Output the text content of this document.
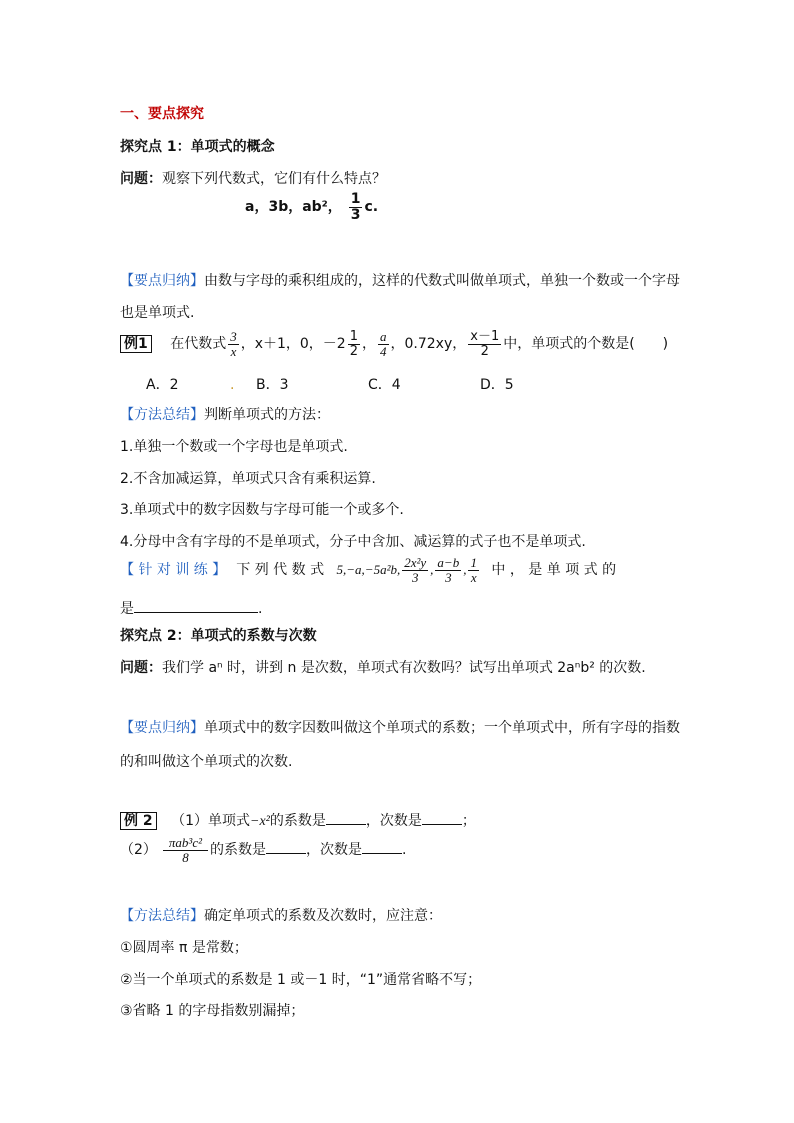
一、要点探究
探究点 1：单项式的概念
问题：观察下列代数式，它们有什么特点？
a，3b，ab²， $\frac{1}{3} c$.
【要点归纳】由数与字母的乘积组成的，这样的代数式叫做单项式，单独一个数或一个字母
也是单项式.
例1 在代数式 $\frac{3}{x}$ ，x＋1，0，$-2 \frac{1}{2}$ ， $\frac{a}{4}$ ，0.72xy， $\frac{x-1}{2}$ 中，单项式的个数是(　　)
A．2	. B．3	C．4	D．5
【方法总结】判断单项式的方法：
1.单独一个数或一个字母也是单项式.
2.不含加减运算，单项式只含有乘积运算.
3.单项式中的数字因数与字母可能一个或多个.
4.分母中含有字母的不是单项式，分子中含加、减运算的式子也不是单项式.
【 针 对 训 练 】 下 列 代 数 式 5,−a,−5a²b, $\frac{\text{2x²y}}{3}$ , $\frac{a-b}{3}$ , $\frac{1}{x}$ 中 ， 是 单 项 式 的
是	.
探究点 2：单项式的系数与次数
问题：我们学 aⁿ 时，讲到 n 是次数，单项式有次数吗？试写出单项式 2aⁿb² 的次数.
【要点归纳】单项式中的数字因数叫做这个单项式的系数；一个单项式中，所有字母的指数
的和叫做这个单项式的次数.
例 2 （1）单项式−x²的系数是	，次数是	；
$(2) \frac{\text{πab³c²}}{8}$ 的系数是	，次数是	.
【方法总结】确定单项式的系数及次数时，应注意：
①圆周率 π 是常数；
②当一个单项式的系数是 1 或－1 时，“1”通常省略不写；
③省略 1 的字母指数别漏掉；
